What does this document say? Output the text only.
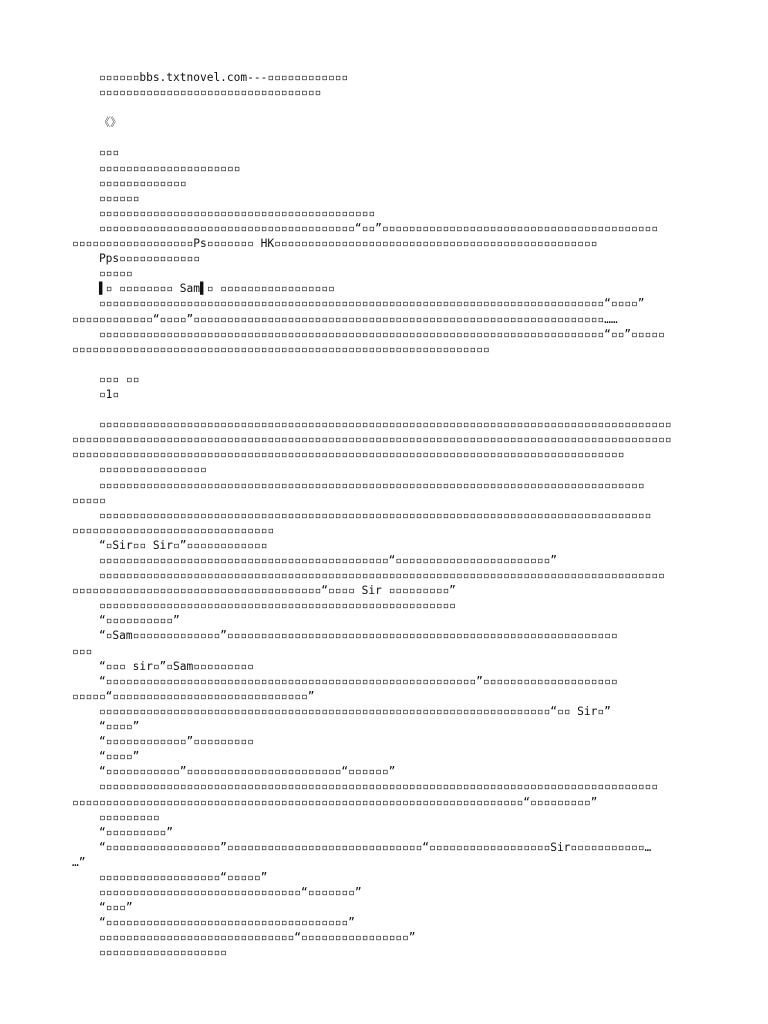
▫▫▫▫▫▫bbs.txtnovel.com---▫▫▫▫▫▫▫▫▫▫▫▫
▫▫▫▫▫▫▫▫▫▫▫▫▫▫▫▫▫▫▫▫▫▫▫▫▫▫▫▫▫▫▫▫▫
《》
▫▫▫
▫▫▫▫▫▫▫▫▫▫▫▫▫▫▫▫▫▫▫▫▫
▫▫▫▫▫▫▫▫▫▫▫▫▫
▫▫▫▫▫▫
▫▫▫▫▫▫▫▫▫▫▫▫▫▫▫▫▫▫▫▫▫▫▫▫▫▫▫▫▫▫▫▫▫▫▫▫▫▫▫▫▫
▫▫▫▫▫▫▫▫▫▫▫▫▫▫▫▫▫▫▫▫▫▫▫▫▫▫▫▫▫▫▫▫▫▫▫▫▫▫“▫▫”▫▫▫▫▫▫▫▫▫▫▫▫▫▫▫▫▫▫▫▫▫▫▫▫▫▫▫▫▫▫▫▫▫▫▫▫▫▫▫▫▫
▫▫▫▫▫▫▫▫▫▫▫▫▫▫▫▫▫▫Ps▫▫▫▫▫▫▫ HK▫▫▫▫▫▫▫▫▫▫▫▫▫▫▫▫▫▫▫▫▫▫▫▫▫▫▫▫▫▫▫▫▫▫▫▫▫▫▫▫▫▫▫▫▫▫▫▫
Pps▫▫▫▫▫▫▫▫▫▫▫▫
▫▫▫▫▫
▌▫ ▫▫▫▫▫▫▫▫ Sam▌▫ ▫▫▫▫▫▫▫▫▫▫▫▫▫▫▫▫▫
▫▫▫▫▫▫▫▫▫▫▫▫▫▫▫▫▫▫▫▫▫▫▫▫▫▫▫▫▫▫▫▫▫▫▫▫▫▫▫▫▫▫▫▫▫▫▫▫▫▫▫▫▫▫▫▫▫▫▫▫▫▫▫▫▫▫▫▫▫▫▫▫▫▫▫“▫▫▫▫”
▫▫▫▫▫▫▫▫▫▫▫▫“▫▫▫▫”▫▫▫▫▫▫▫▫▫▫▫▫▫▫▫▫▫▫▫▫▫▫▫▫▫▫▫▫▫▫▫▫▫▫▫▫▫▫▫▫▫▫▫▫▫▫▫▫▫▫▫▫▫▫▫▫▫▫▫▫▫……
▫▫▫▫▫▫▫▫▫▫▫▫▫▫▫▫▫▫▫▫▫▫▫▫▫▫▫▫▫▫▫▫▫▫▫▫▫▫▫▫▫▫▫▫▫▫▫▫▫▫▫▫▫▫▫▫▫▫▫▫▫▫▫▫▫▫▫▫▫▫▫▫▫▫▫“▫▫”▫▫▫▫▫
▫▫▫▫▫▫▫▫▫▫▫▫▫▫▫▫▫▫▫▫▫▫▫▫▫▫▫▫▫▫▫▫▫▫▫▫▫▫▫▫▫▫▫▫▫▫▫▫▫▫▫▫▫▫▫▫▫▫▫▫▫▫
▫▫▫ ▫▫
▫1▫
▫▫▫▫▫▫▫▫▫▫▫▫▫▫▫▫▫▫▫▫▫▫▫▫▫▫▫▫▫▫▫▫▫▫▫▫▫▫▫▫▫▫▫▫▫▫▫▫▫▫▫▫▫▫▫▫▫▫▫▫▫▫▫▫▫▫▫▫▫▫▫▫▫▫▫▫▫▫▫▫▫▫▫▫▫
▫▫▫▫▫▫▫▫▫▫▫▫▫▫▫▫▫▫▫▫▫▫▫▫▫▫▫▫▫▫▫▫▫▫▫▫▫▫▫▫▫▫▫▫▫▫▫▫▫▫▫▫▫▫▫▫▫▫▫▫▫▫▫▫▫▫▫▫▫▫▫▫▫▫▫▫▫▫▫▫▫▫▫▫▫▫▫▫▫
▫▫▫▫▫▫▫▫▫▫▫▫▫▫▫▫▫▫▫▫▫▫▫▫▫▫▫▫▫▫▫▫▫▫▫▫▫▫▫▫▫▫▫▫▫▫▫▫▫▫▫▫▫▫▫▫▫▫▫▫▫▫▫▫▫▫▫▫▫▫▫▫▫▫▫▫▫▫▫▫▫▫
▫▫▫▫▫▫▫▫▫▫▫▫▫▫▫▫
▫▫▫▫▫▫▫▫▫▫▫▫▫▫▫▫▫▫▫▫▫▫▫▫▫▫▫▫▫▫▫▫▫▫▫▫▫▫▫▫▫▫▫▫▫▫▫▫▫▫▫▫▫▫▫▫▫▫▫▫▫▫▫▫▫▫▫▫▫▫▫▫▫▫▫▫▫▫▫▫▫
▫▫▫▫▫
▫▫▫▫▫▫▫▫▫▫▫▫▫▫▫▫▫▫▫▫▫▫▫▫▫▫▫▫▫▫▫▫▫▫▫▫▫▫▫▫▫▫▫▫▫▫▫▫▫▫▫▫▫▫▫▫▫▫▫▫▫▫▫▫▫▫▫▫▫▫▫▫▫▫▫▫▫▫▫▫▫▫
▫▫▫▫▫▫▫▫▫▫▫▫▫▫▫▫▫▫▫▫▫▫▫▫▫▫▫▫▫▫
“▫Sir▫▫ Sir▫”▫▫▫▫▫▫▫▫▫▫▫▫
▫▫▫▫▫▫▫▫▫▫▫▫▫▫▫▫▫▫▫▫▫▫▫▫▫▫▫▫▫▫▫▫▫▫▫▫▫▫▫▫▫▫▫“▫▫▫▫▫▫▫▫▫▫▫▫▫▫▫▫▫▫▫▫▫▫▫”
▫▫▫▫▫▫▫▫▫▫▫▫▫▫▫▫▫▫▫▫▫▫▫▫▫▫▫▫▫▫▫▫▫▫▫▫▫▫▫▫▫▫▫▫▫▫▫▫▫▫▫▫▫▫▫▫▫▫▫▫▫▫▫▫▫▫▫▫▫▫▫▫▫▫▫▫▫▫▫▫▫▫▫▫
▫▫▫▫▫▫▫▫▫▫▫▫▫▫▫▫▫▫▫▫▫▫▫▫▫▫▫▫▫▫▫▫▫▫▫▫▫“▫▫▫▫ Sir ▫▫▫▫▫▫▫▫▫”
▫▫▫▫▫▫▫▫▫▫▫▫▫▫▫▫▫▫▫▫▫▫▫▫▫▫▫▫▫▫▫▫▫▫▫▫▫▫▫▫▫▫▫▫▫▫▫▫▫▫▫▫▫
“▫▫▫▫▫▫▫▫▫▫”
“▫Sam▫▫▫▫▫▫▫▫▫▫▫▫▫”▫▫▫▫▫▫▫▫▫▫▫▫▫▫▫▫▫▫▫▫▫▫▫▫▫▫▫▫▫▫▫▫▫▫▫▫▫▫▫▫▫▫▫▫▫▫▫▫▫▫▫▫▫▫▫▫▫▫
▫▫▫
“▫▫▫ sir▫”▫Sam▫▫▫▫▫▫▫▫▫
“▫▫▫▫▫▫▫▫▫▫▫▫▫▫▫▫▫▫▫▫▫▫▫▫▫▫▫▫▫▫▫▫▫▫▫▫▫▫▫▫▫▫▫▫▫▫▫▫▫▫▫▫▫▫▫”▫▫▫▫▫▫▫▫▫▫▫▫▫▫▫▫▫▫▫▫
▫▫▫▫▫“▫▫▫▫▫▫▫▫▫▫▫▫▫▫▫▫▫▫▫▫▫▫▫▫▫▫▫▫▫”
▫▫▫▫▫▫▫▫▫▫▫▫▫▫▫▫▫▫▫▫▫▫▫▫▫▫▫▫▫▫▫▫▫▫▫▫▫▫▫▫▫▫▫▫▫▫▫▫▫▫▫▫▫▫▫▫▫▫▫▫▫▫▫▫▫▫▫“▫▫ Sir▫”
“▫▫▫▫”
“▫▫▫▫▫▫▫▫▫▫▫▫”▫▫▫▫▫▫▫▫▫
“▫▫▫▫”
“▫▫▫▫▫▫▫▫▫▫▫”▫▫▫▫▫▫▫▫▫▫▫▫▫▫▫▫▫▫▫▫▫▫▫“▫▫▫▫▫▫”
▫▫▫▫▫▫▫▫▫▫▫▫▫▫▫▫▫▫▫▫▫▫▫▫▫▫▫▫▫▫▫▫▫▫▫▫▫▫▫▫▫▫▫▫▫▫▫▫▫▫▫▫▫▫▫▫▫▫▫▫▫▫▫▫▫▫▫▫▫▫▫▫▫▫▫▫▫▫▫▫▫▫▫
▫▫▫▫▫▫▫▫▫▫▫▫▫▫▫▫▫▫▫▫▫▫▫▫▫▫▫▫▫▫▫▫▫▫▫▫▫▫▫▫▫▫▫▫▫▫▫▫▫▫▫▫▫▫▫▫▫▫▫▫▫▫▫▫▫▫▫“▫▫▫▫▫▫▫▫▫”
▫▫▫▫▫▫▫▫▫
“▫▫▫▫▫▫▫▫▫”
“▫▫▫▫▫▫▫▫▫▫▫▫▫▫▫▫▫”▫▫▫▫▫▫▫▫▫▫▫▫▫▫▫▫▫▫▫▫▫▫▫▫▫▫▫▫▫“▫▫▫▫▫▫▫▫▫▫▫▫▫▫▫▫▫▫Sir▫▫▫▫▫▫▫▫▫▫▫…
…”
▫▫▫▫▫▫▫▫▫▫▫▫▫▫▫▫▫▫“▫▫▫▫▫”
▫▫▫▫▫▫▫▫▫▫▫▫▫▫▫▫▫▫▫▫▫▫▫▫▫▫▫▫▫▫“▫▫▫▫▫▫▫”
“▫▫▫”
“▫▫▫▫▫▫▫▫▫▫▫▫▫▫▫▫▫▫▫▫▫▫▫▫▫▫▫▫▫▫▫▫▫▫▫▫”
▫▫▫▫▫▫▫▫▫▫▫▫▫▫▫▫▫▫▫▫▫▫▫▫▫▫▫▫▫“▫▫▫▫▫▫▫▫▫▫▫▫▫▫▫▫”
▫▫▫▫▫▫▫▫▫▫▫▫▫▫▫▫▫▫▫
